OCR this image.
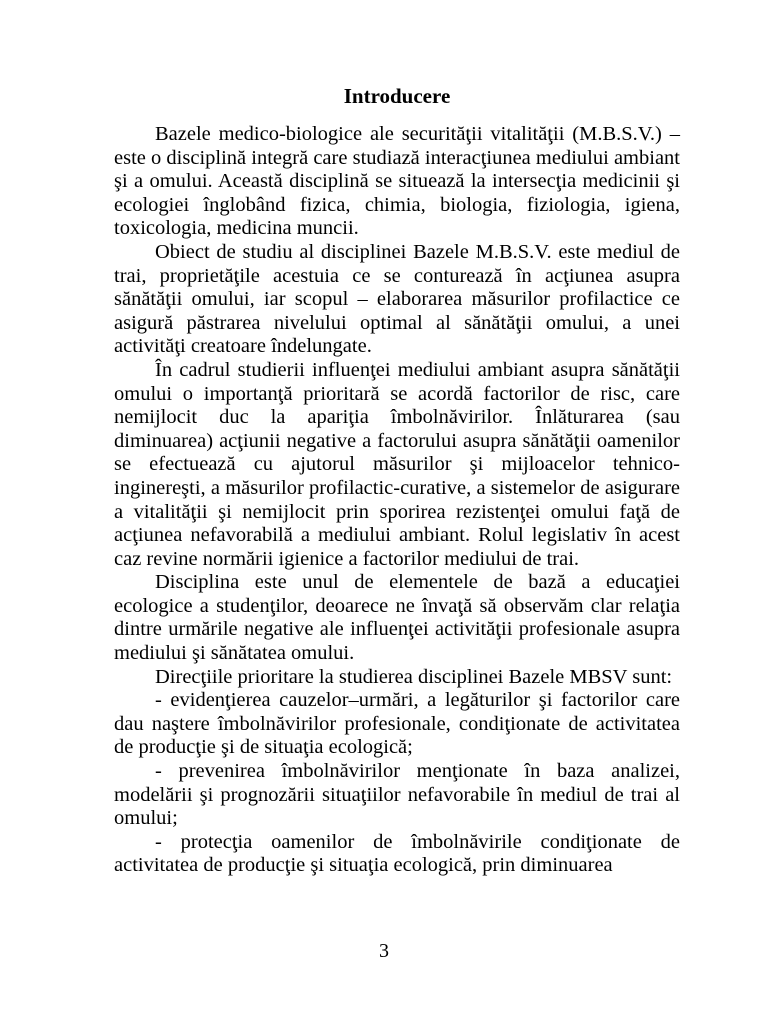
Introducere

Bazele medico-biologice ale securităţii vitalităţii (M.B.S.V.) – este o disciplină integră care studiază interacţiunea mediului ambiant şi a omului. Această disciplină se situează la intersecţia medicinii şi ecologiei înglobând fizica, chimia, biologia, fiziologia, igiena, toxicologia, medicina muncii.

Obiect de studiu al disciplinei Bazele M.B.S.V. este mediul de trai, proprietăţile acestuia ce se conturează în acţiunea asupra sănătăţii omului, iar scopul – elaborarea măsurilor profilactice ce asigură păstrarea nivelului optimal al sănătăţii omului, a unei activităţi creatoare îndelungate.

În cadrul studierii influenţei mediului ambiant asupra sănătăţii omului o importanţă prioritară se acordă factorilor de risc, care nemijlocit duc la apariţia îmbolnăvirilor. Înlăturarea (sau diminuarea) acţiunii negative a factorului asupra sănătăţii oamenilor se efectuează cu ajutorul măsurilor şi mijloacelor tehnico-inginereşti, a măsurilor profilactic-curative, a sistemelor de asigurare a vitalităţii şi nemijlocit prin sporirea rezistenţei omului faţă de acţiunea nefavorabilă a mediului ambiant. Rolul legislativ în acest caz revine normării igienice a factorilor mediului de trai.

Disciplina este unul de elementele de bază a educaţiei ecologice a studenţilor, deoarece ne învaţă să observăm clar relaţia dintre urmările negative ale influenţei activităţii profesionale asupra mediului şi sănătatea omului.

Direcţiile prioritare la studierea disciplinei Bazele MBSV sunt:

- evidenţierea cauzelor–urmări, a legăturilor şi factorilor care dau naştere îmbolnăvirilor profesionale, condiţionate de activitatea de producţie şi de situaţia ecologică;

- prevenirea îmbolnăvirilor menţionate în baza analizei, modelării şi prognozării situaţiilor nefavorabile în mediul de trai al omului;

- protecţia oamenilor de îmbolnăvirile condiţionate de activitatea de producţie şi situaţia ecologică, prin diminuarea

3
